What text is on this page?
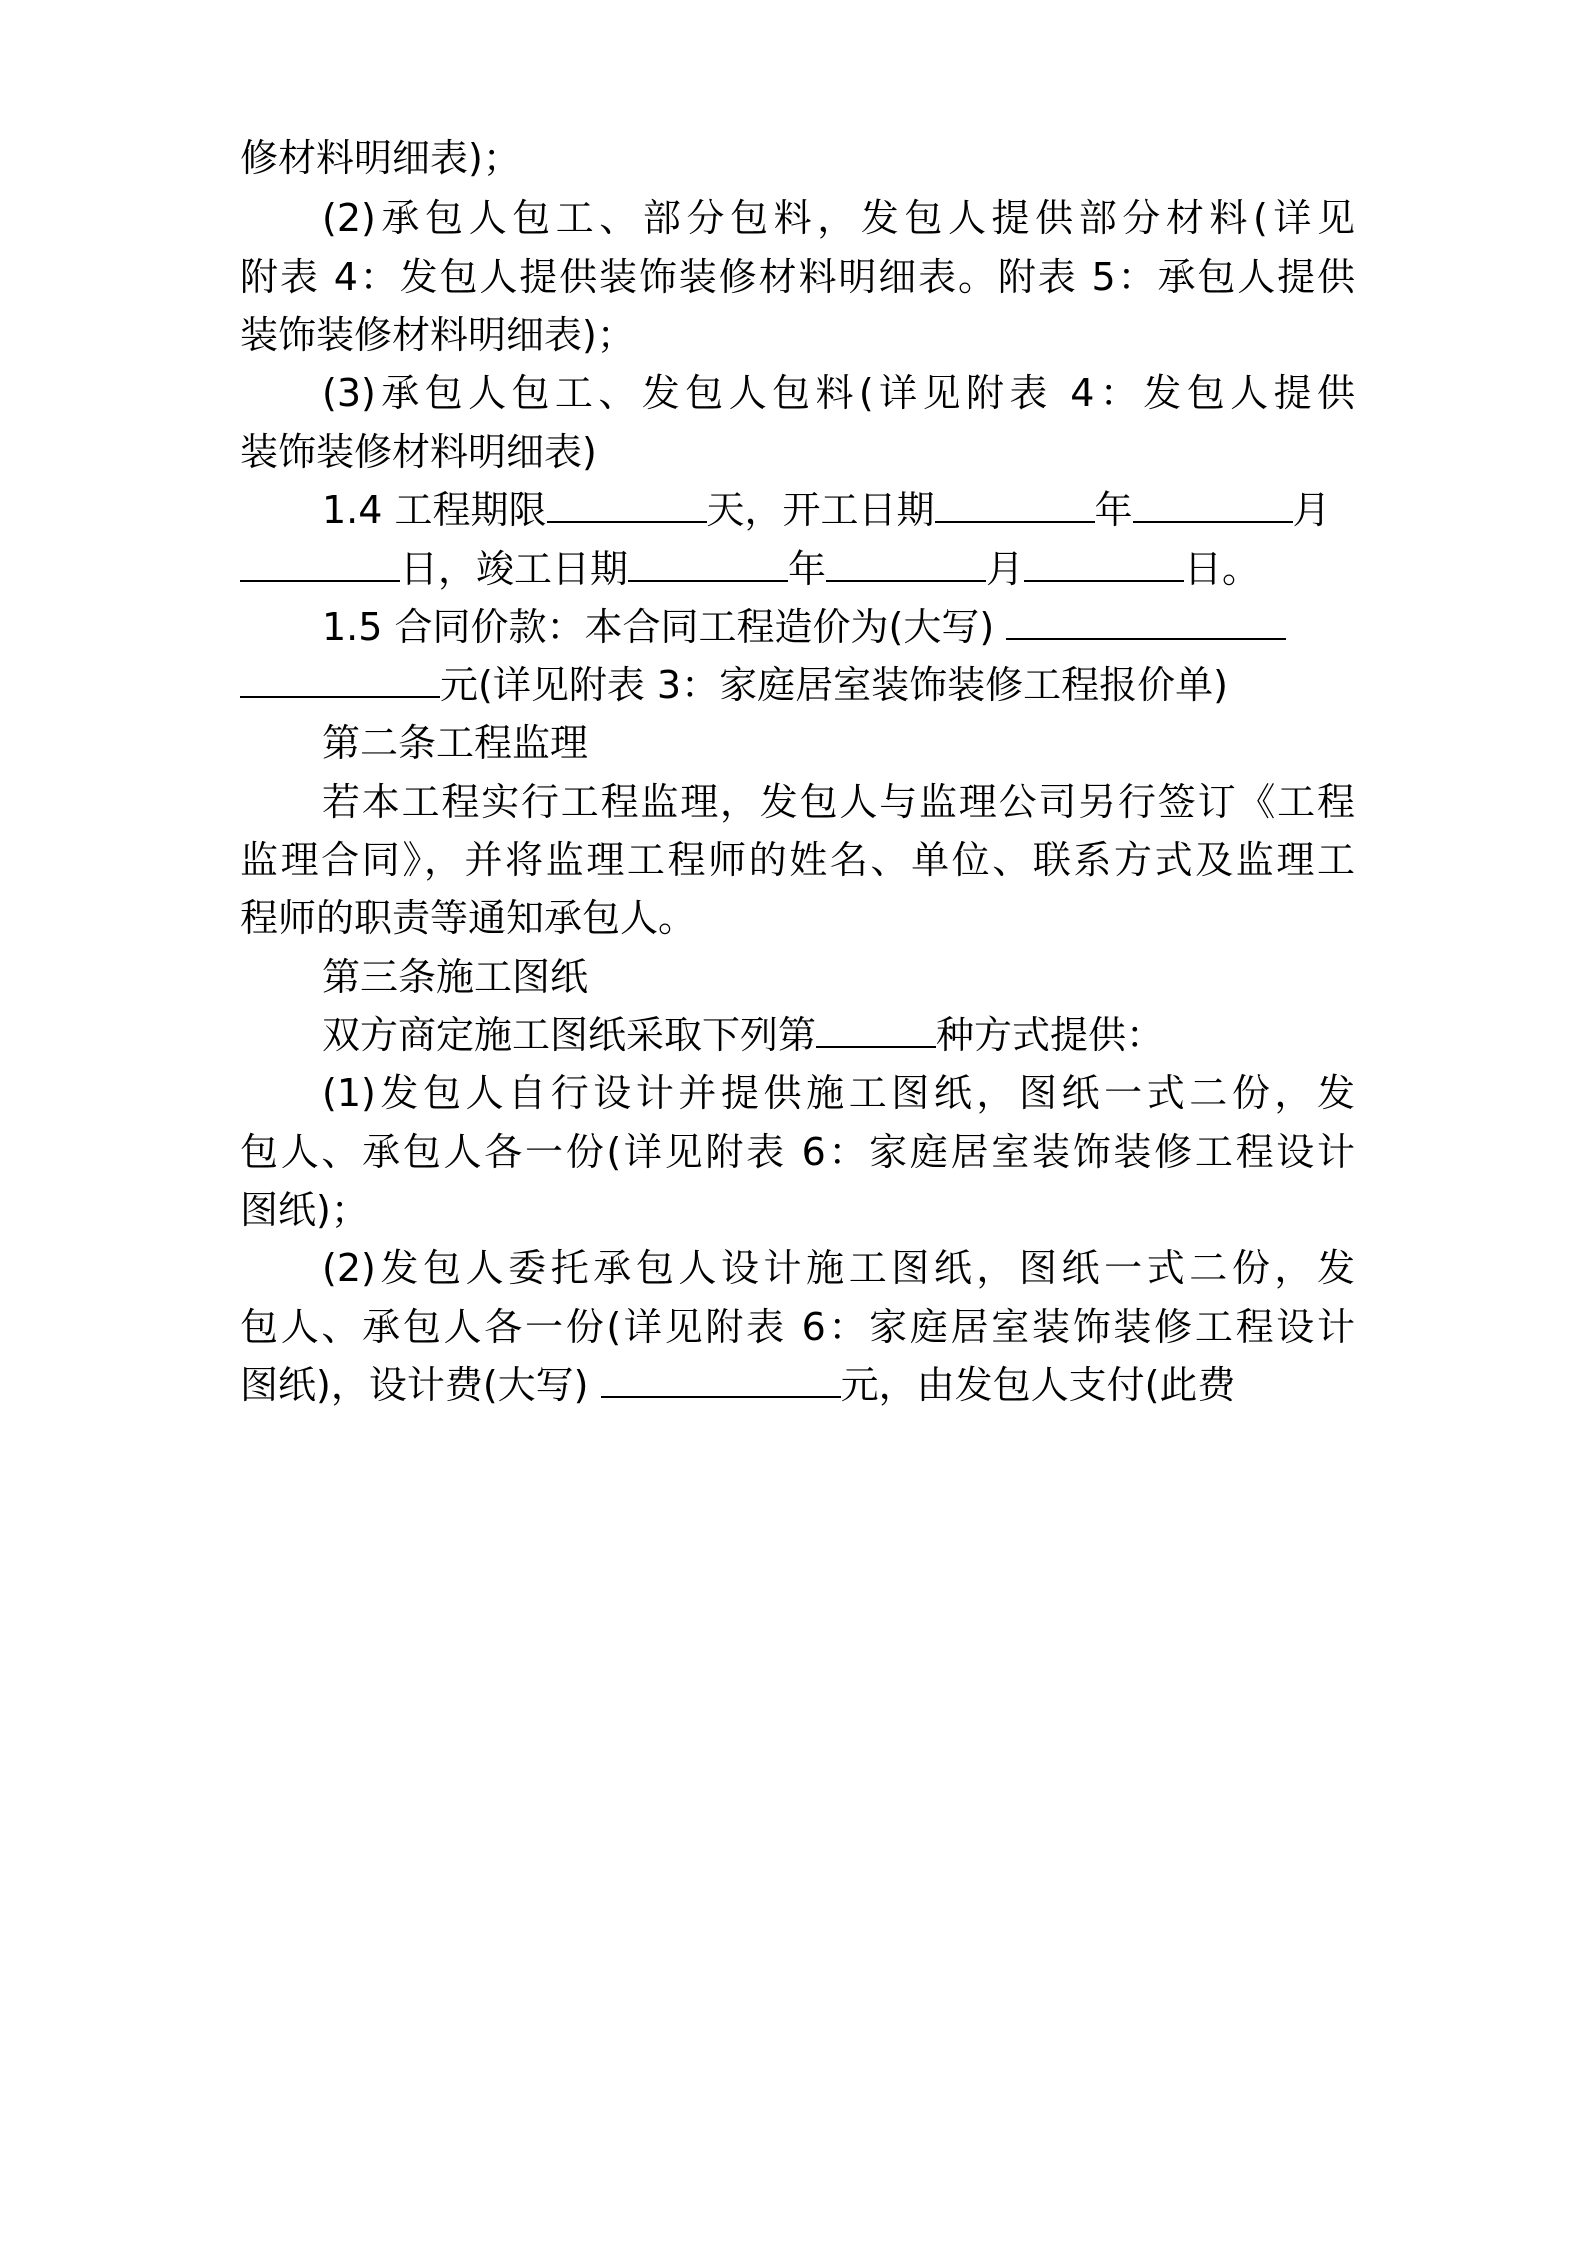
修材料明细表)；
(2)承包人包工、部分包料，发包人提供部分材料(详见
附表 4：发包人提供装饰装修材料明细表。附表 5：承包人提供
装饰装修材料明细表)；
(3)承包人包工、发包人包料(详见附表 4：发包人提供
装饰装修材料明细表)
1.4 工程期限	天，开工日期	年	月
日，竣工日期	年	月	日。
1.5 合同价款：本合同工程造价为(大写)
元(详见附表 3：家庭居室装饰装修工程报价单)
第二条工程监理
若本工程实行工程监理，发包人与监理公司另行签订《工程
监理合同》，并将监理工程师的姓名、单位、联系方式及监理工
程师的职责等通知承包人。
第三条施工图纸
双方商定施工图纸采取下列第	种方式提供：
(1)发包人自行设计并提供施工图纸，图纸一式二份，发
包人、承包人各一份(详见附表 6：家庭居室装饰装修工程设计
图纸)；
(2)发包人委托承包人设计施工图纸，图纸一式二份，发
包人、承包人各一份(详见附表 6：家庭居室装饰装修工程设计
图纸)，设计费(大写)	元，由发包人支付(此费
